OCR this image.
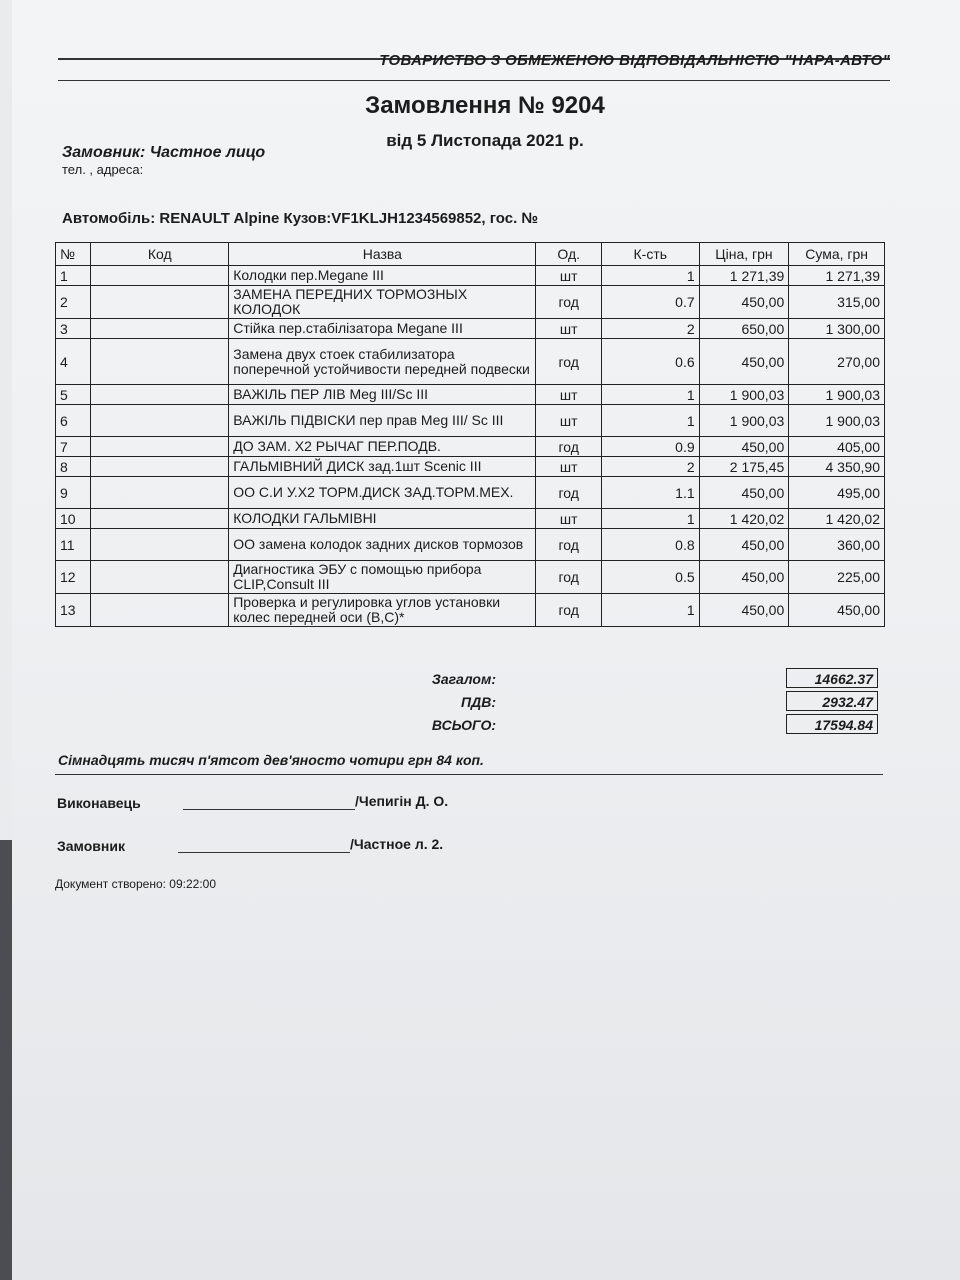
ТОВАРИСТВО З ОБМЕЖЕНОЮ ВІДПОВІДАЛЬНІСТЮ "НАРА-АВТО"
Замовлення № 9204
від 5 Листопада 2021 р.
Замовник: Частное лицо
тел. , адреса:
Автомобіль: RENAULT Alpine Кузов:VF1KLJH1234569852, гос. №
№	Код	Назва	Од.	К-сть	Ціна, грн	Сума, грн
1		Колодки пер.Megane III	шт	1	1 271,39	1 271,39
2		ЗАМЕНА ПЕРЕДНИХ ТОРМОЗНЫХ КОЛОДОК	год	0.7	450,00	315,00
3		Стійка пер.стабілізатора Megane III	шт	2	650,00	1 300,00
4		Замена двух стоек стабилизатора поперечной устойчивости передней подвески	год	0.6	450,00	270,00
5		ВАЖІЛЬ ПЕР ЛІВ Meg III/Sc III	шт	1	1 900,03	1 900,03
6		ВАЖІЛЬ ПІДВІСКИ пер прав Meg III/ Sc III	шт	1	1 900,03	1 900,03
7		ДО ЗАМ. Х2 РЫЧАГ ПЕР.ПОДВ.	год	0.9	450,00	405,00
8		ГАЛЬМІВНИЙ ДИСК зад.1шт Scenic III	шт	2	2 175,45	4 350,90
9		ОО С.И У.Х2 ТОРМ.ДИСК ЗАД.ТОРМ.МЕХ.	год	1.1	450,00	495,00
10		КОЛОДКИ ГАЛЬМІВНІ	шт	1	1 420,02	1 420,02
11		ОО замена колодок задних дисков тормозов	год	0.8	450,00	360,00
12		Диагностика ЭБУ с помощью прибора CLIP,Consult III	год	0.5	450,00	225,00
13		Проверка и регулировка углов установки колес передней оси (B,C)*	год	1	450,00	450,00
Загалом:	14662.37
ПДВ:	2932.47
ВСЬОГО:	17594.84
Сімнадцять тисяч п'ятсот дев'яносто чотири грн 84 коп.
Виконавець	/Чепигін Д. О.
Замовник	/Частное л. 2.
Документ створено: 09:22:00
